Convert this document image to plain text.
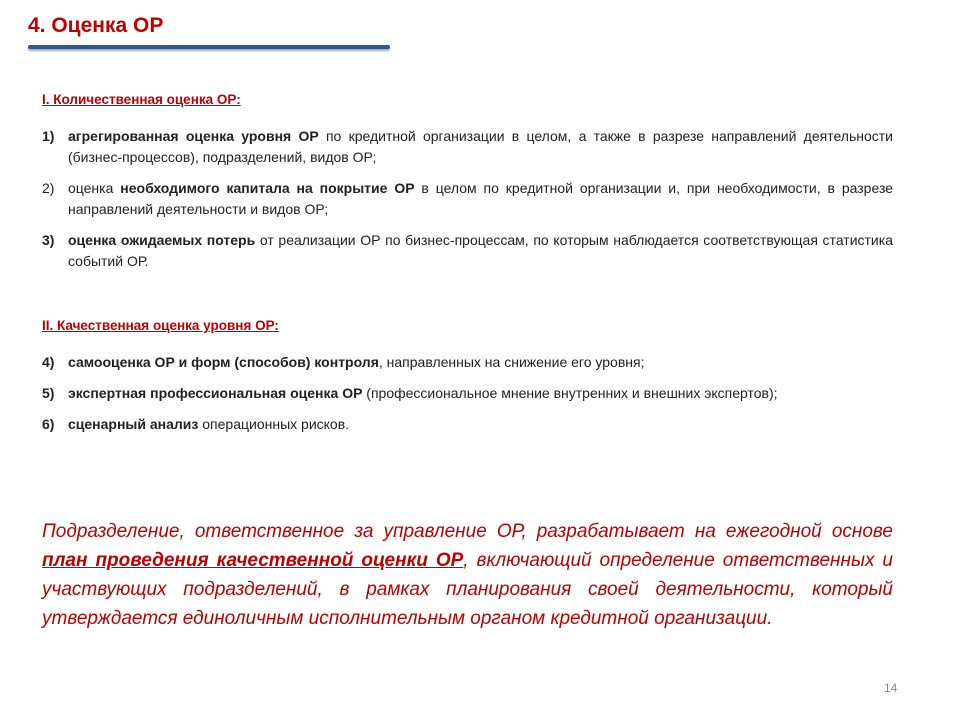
4. Оценка ОР
I. Количественная оценка ОР:
1) агрегированная оценка уровня ОР по кредитной организации в целом, а также в разрезе направлений деятельности (бизнес-процессов), подразделений, видов ОР;
2) оценка необходимого капитала на покрытие ОР в целом по кредитной организации и, при необходимости, в разрезе направлений деятельности и видов ОР;
3) оценка ожидаемых потерь от реализации ОР по бизнес-процессам, по которым наблюдается соответствующая статистика событий ОР.
II. Качественная оценка уровня ОР:
4) самооценка ОР и форм (способов) контроля, направленных на снижение его уровня;
5) экспертная профессиональная оценка ОР (профессиональное мнение внутренних и внешних экспертов);
6) сценарный анализ операционных рисков.

Подразделение, ответственное за управление ОР, разрабатывает на ежегодной основе план проведения качественной оценки ОР, включающий определение ответственных и участвующих подразделений, в рамках планирования своей деятельности, который утверждается единоличным исполнительным органом кредитной организации.

14
